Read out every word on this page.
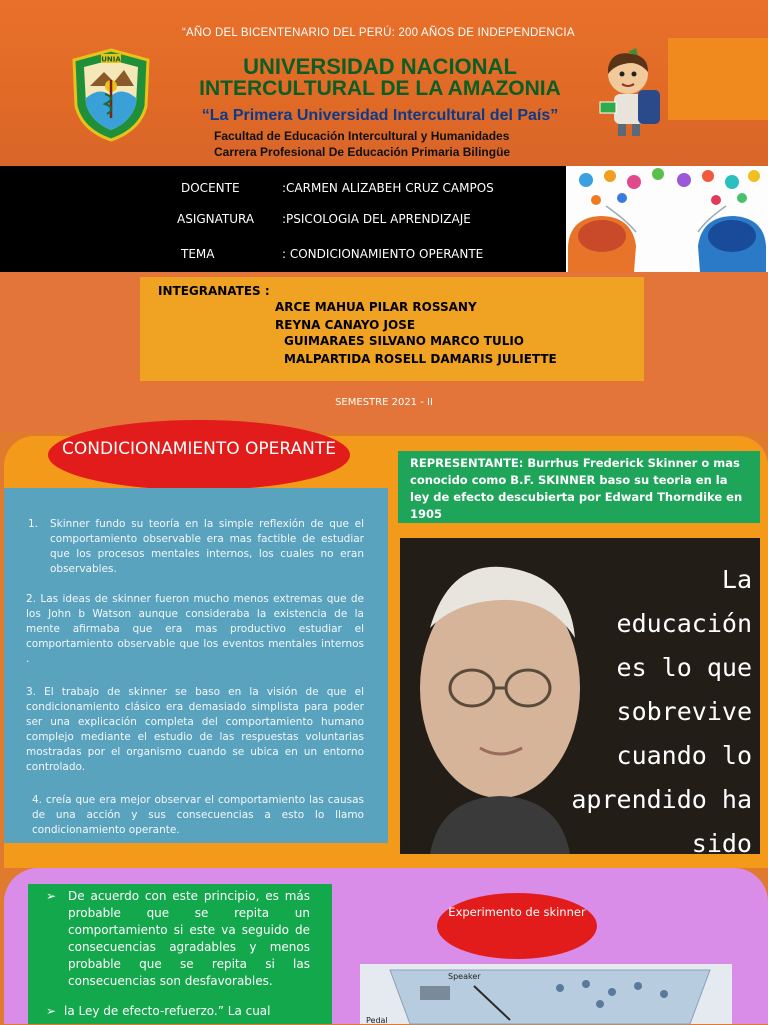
“AÑO DEL BICENTENARIO DEL PERÚ: 200 AÑOS DE INDEPENDENCIA
UNIA	UNIVERSIDAD NACIONAL
INTERCULTURAL DE LA AMAZONIA
“La Primera Universidad Intercultural del País”
Facultad de Educación Intercultural y Humanidades
Carrera Profesional De Educación Primaria Bilingüe
DOCENTE	:CARMEN ALIZABEH CRUZ CAMPOS
ASIGNATURA :PSICOLOGIA DEL APRENDIZAJE
TEMA	: CONDICIONAMIENTO OPERANTE
INTEGRANATES :
ARCE MAHUA PILAR ROSSANY
REYNA CANAYO JOSE
GUIMARAES SILVANO MARCO TULIO
MALPARTIDA ROSELL DAMARIS JULIETTE
SEMESTRE 2021 - II
CONDICIONAMIENTO OPERANTE
1.	Skinner fundo su teoría en la simple reflexión de que el comportamiento observable era mas factible de estudiar que los procesos mentales internos, los cuales no eran observables.
2. Las ideas de skinner fueron mucho menos extremas que de los John b Watson aunque consideraba la existencia de la mente afirmaba que era mas productivo estudiar el comportamiento observable que los eventos mentales internos .
3. El trabajo de skinner se baso en la visión de que el condicionamiento clásico era demasiado simplista para poder ser una explicación completa del comportamiento humano complejo mediante el estudio de las respuestas voluntarias mostradas por el organismo cuando se ubica en un entorno controlado.
4. creía que era mejor observar el comportamiento las causas de una acción y sus consecuencias a esto lo llamo condicionamiento operante.
REPRESENTANTE: Burrhus Frederick Skinner o mas conocido como B.F. SKINNER baso su teoria en la ley de efecto descubierta por Edward Thorndike en 1905
La
educación
es lo que
sobrevive
cuando lo
aprendido ha
sido
➢ De acuerdo con este principio, es más probable que se repita un comportamiento si este va seguido de consecuencias agradables y menos probable que se repita si las consecuencias son desfavorables.
➢ la Ley de efecto-refuerzo.” La cual
Experimento de skinner
Speaker
Pedal
